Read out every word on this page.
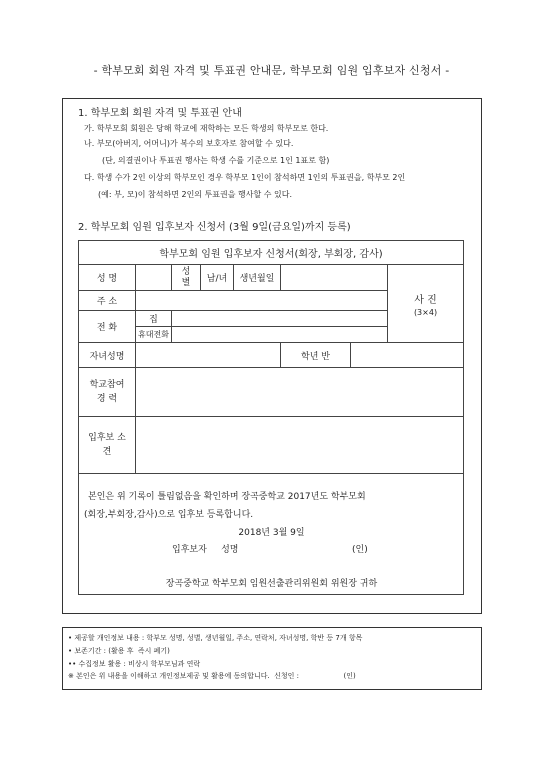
- 학부모회 회원 자격 및 투표권 안내문, 학부모회 임원 입후보자 신청서 -
1. 학부모회 회원 자격 및 투표권 안내
가. 학부모회 회원은 당해 학교에 재학하는 모든 학생의 학부모로 한다.
나. 부모(아버지, 어머니)가 복수의 보호자로 참여할 수 있다.
(단, 의결권이나 투표권 행사는 학생 수를 기준으로 1인 1표로 함)
다. 학생 수가 2인 이상의 학부모인 경우 학부모 1인이 참석하면 1인의 투표권을, 학부모 2인
(예: 부, 모)이 참석하면 2인의 투표권을 행사할 수 있다.
2. 학부모회 임원 입후보자 신청서 (3월 9일(금요일)까지 등록)
학부모회 임원 입후보자 신청서(회장, 부회장, 감사)							
성 명		성별	남/녀	생년월일			사 진
(3×4)

주 소							
전 화	집						
	휴대전화						
자녀성명					학년 반		
학교참여 경 력							
입후보 소 견							

본인은 위 기록이 틀림없음을 확인하며 장곡중학교 2017년도 학부모회
(회장,부회장,감사)으로 입후보 등록합니다.
2018년 3월 9일
입후보자     성명	(인)
장곡중학교 학부모회 임원선출관리위원회 위원장 귀하
• 제공할 개인정보 내용 : 학부모 성명, 성별, 생년월일, 주소, 연락처, 자녀성명, 학반 등 7개 항목
• 보존기간 : (활용 후  즉시 폐기)
•• 수집정보 활용 : 비상시 학부모님과 연락
※ 본인은 위 내용을 이해하고 개인정보제공 및 활용에 동의합니다.  신청인 :                    (인)
